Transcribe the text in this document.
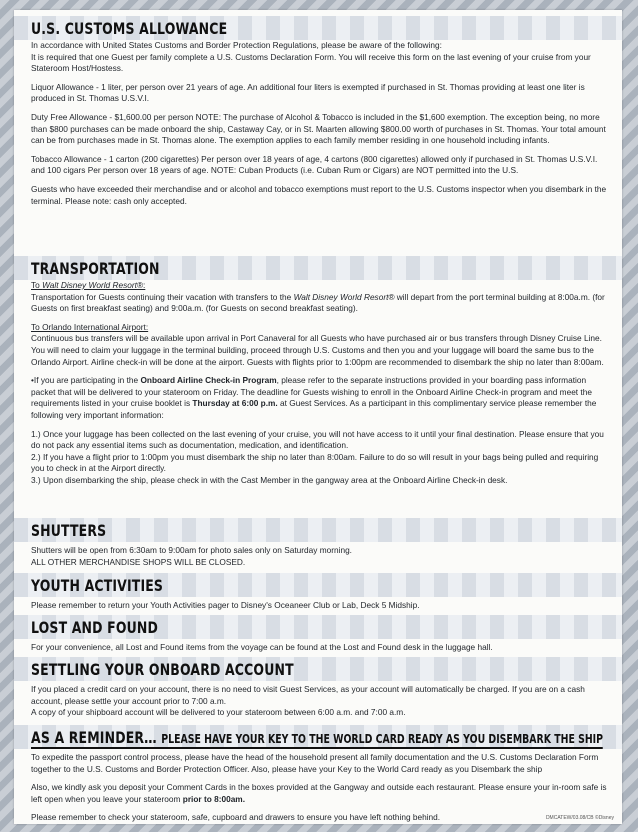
U.S. CUSTOMS ALLOWANCE

In accordance with United States Customs and Border Protection Regulations, please be aware of the following:

It is required that one Guest per family complete a U.S. Customs Declaration Form. You will receive this form on the last evening of your cruise from your Stateroom Host/Hostess.

Liquor Allowance - 1 liter, per person over 21 years of age. An additional four liters is exempted if purchased in St. Thomas providing at least one liter is produced in St. Thomas U.S.V.I.

Duty Free Allowance - $1,600.00 per person NOTE: The purchase of Alcohol & Tobacco is included in the $1,600 exemption. The exception being, no more than $800 purchases can be made onboard the ship, Castaway Cay, or in St. Maarten allowing $800.00 worth of purchases in St. Thomas. Your total amount can be from purchases made in St. Thomas alone. The exemption applies to each family member residing in one household including infants.

Tobacco Allowance - 1 carton (200 cigarettes) Per person over 18 years of age, 4 cartons (800 cigarettes) allowed only if purchased in St. Thomas U.S.V.I. and 100 cigars Per person over 18 years of age. NOTE: Cuban Products (i.e. Cuban Rum or Cigars) are NOT permitted into the U.S.

Guests who have exceeded their merchandise and or alcohol and tobacco exemptions must report to the U.S. Customs inspector when you disembark in the terminal. Please note: cash only accepted.

TRANSPORTATION

To Walt Disney World Resort®:

Transportation for Guests continuing their vacation with transfers to the Walt Disney World Resort® will depart from the port terminal building at 8:00a.m. (for Guests on first breakfast seating) and 9:00a.m. (for Guests on second breakfast seating).

To Orlando International Airport:

Continuous bus transfers will be available upon arrival in Port Canaveral for all Guests who have purchased air or bus transfers through Disney Cruise Line. You will need to claim your luggage in the terminal building, proceed through U.S. Customs and then you and your luggage will board the same bus to the Orlando Airport. Airline check-in will be done at the airport. Guests with flights prior to 1:00pm are recommended to disembark the ship no later than 8:00am.

•If you are participating in the Onboard Airline Check-in Program, please refer to the separate instructions provided in your boarding pass information packet that will be delivered to your stateroom on Friday. The deadline for Guests wishing to enroll in the Onboard Airline Check-in program and meet the requirements listed in your cruise booklet is Thursday at 6:00 p.m. at Guest Services. As a participant in this complimentary service please remember the following very important information:

1.) Once your luggage has been collected on the last evening of your cruise, you will not have access to it until your final destination. Please ensure that you do not pack any essential items such as documentation, medication, and identification.

2.) If you have a flight prior to 1:00pm you must disembark the ship no later than 8:00am. Failure to do so will result in your bags being pulled and requiring you to check in at the Airport directly.

3.) Upon disembarking the ship, please check in with the Cast Member in the gangway area at the Onboard Airline Check-in desk.

SHUTTERS

Shutters will be open from 6:30am to 9:00am for photo sales only on Saturday morning.

ALL OTHER MERCHANDISE SHOPS WILL BE CLOSED.

YOUTH ACTIVITIES

Please remember to return your Youth Activities pager to Disney's Oceaneer Club or Lab, Deck 5 Midship.

LOST AND FOUND

For your convenience, all Lost and Found items from the voyage can be found at the Lost and Found desk in the luggage hall.

SETTLING YOUR ONBOARD ACCOUNT

If you placed a credit card on your account, there is no need to visit Guest Services, as your account will automatically be charged. If you are on a cash account, please settle your account prior to 7:00 a.m.

A copy of your shipboard account will be delivered to your stateroom between 6:00 a.m. and 7:00 a.m.

AS A REMINDER… PLEASE HAVE YOUR KEY TO THE WORLD CARD READY AS YOU DISEMBARK THE SHIP

To expedite the passport control process, please have the head of the household present all family documentation and the U.S. Customs Declaration Form together to the U.S. Customs and Border Protection Officer. Also, please have your Key to the World Card ready as you Disembark the ship

Also, we kindly ask you deposit your Comment Cards in the boxes provided at the Gangway and outside each restaurant. Please ensure your in-room safe is left open when you leave your stateroom prior to 8:00am.

Please remember to check your stateroom, safe, cupboard and drawers to ensure you have left nothing behind.	DMCATEW/03.08/CB ©Disney
